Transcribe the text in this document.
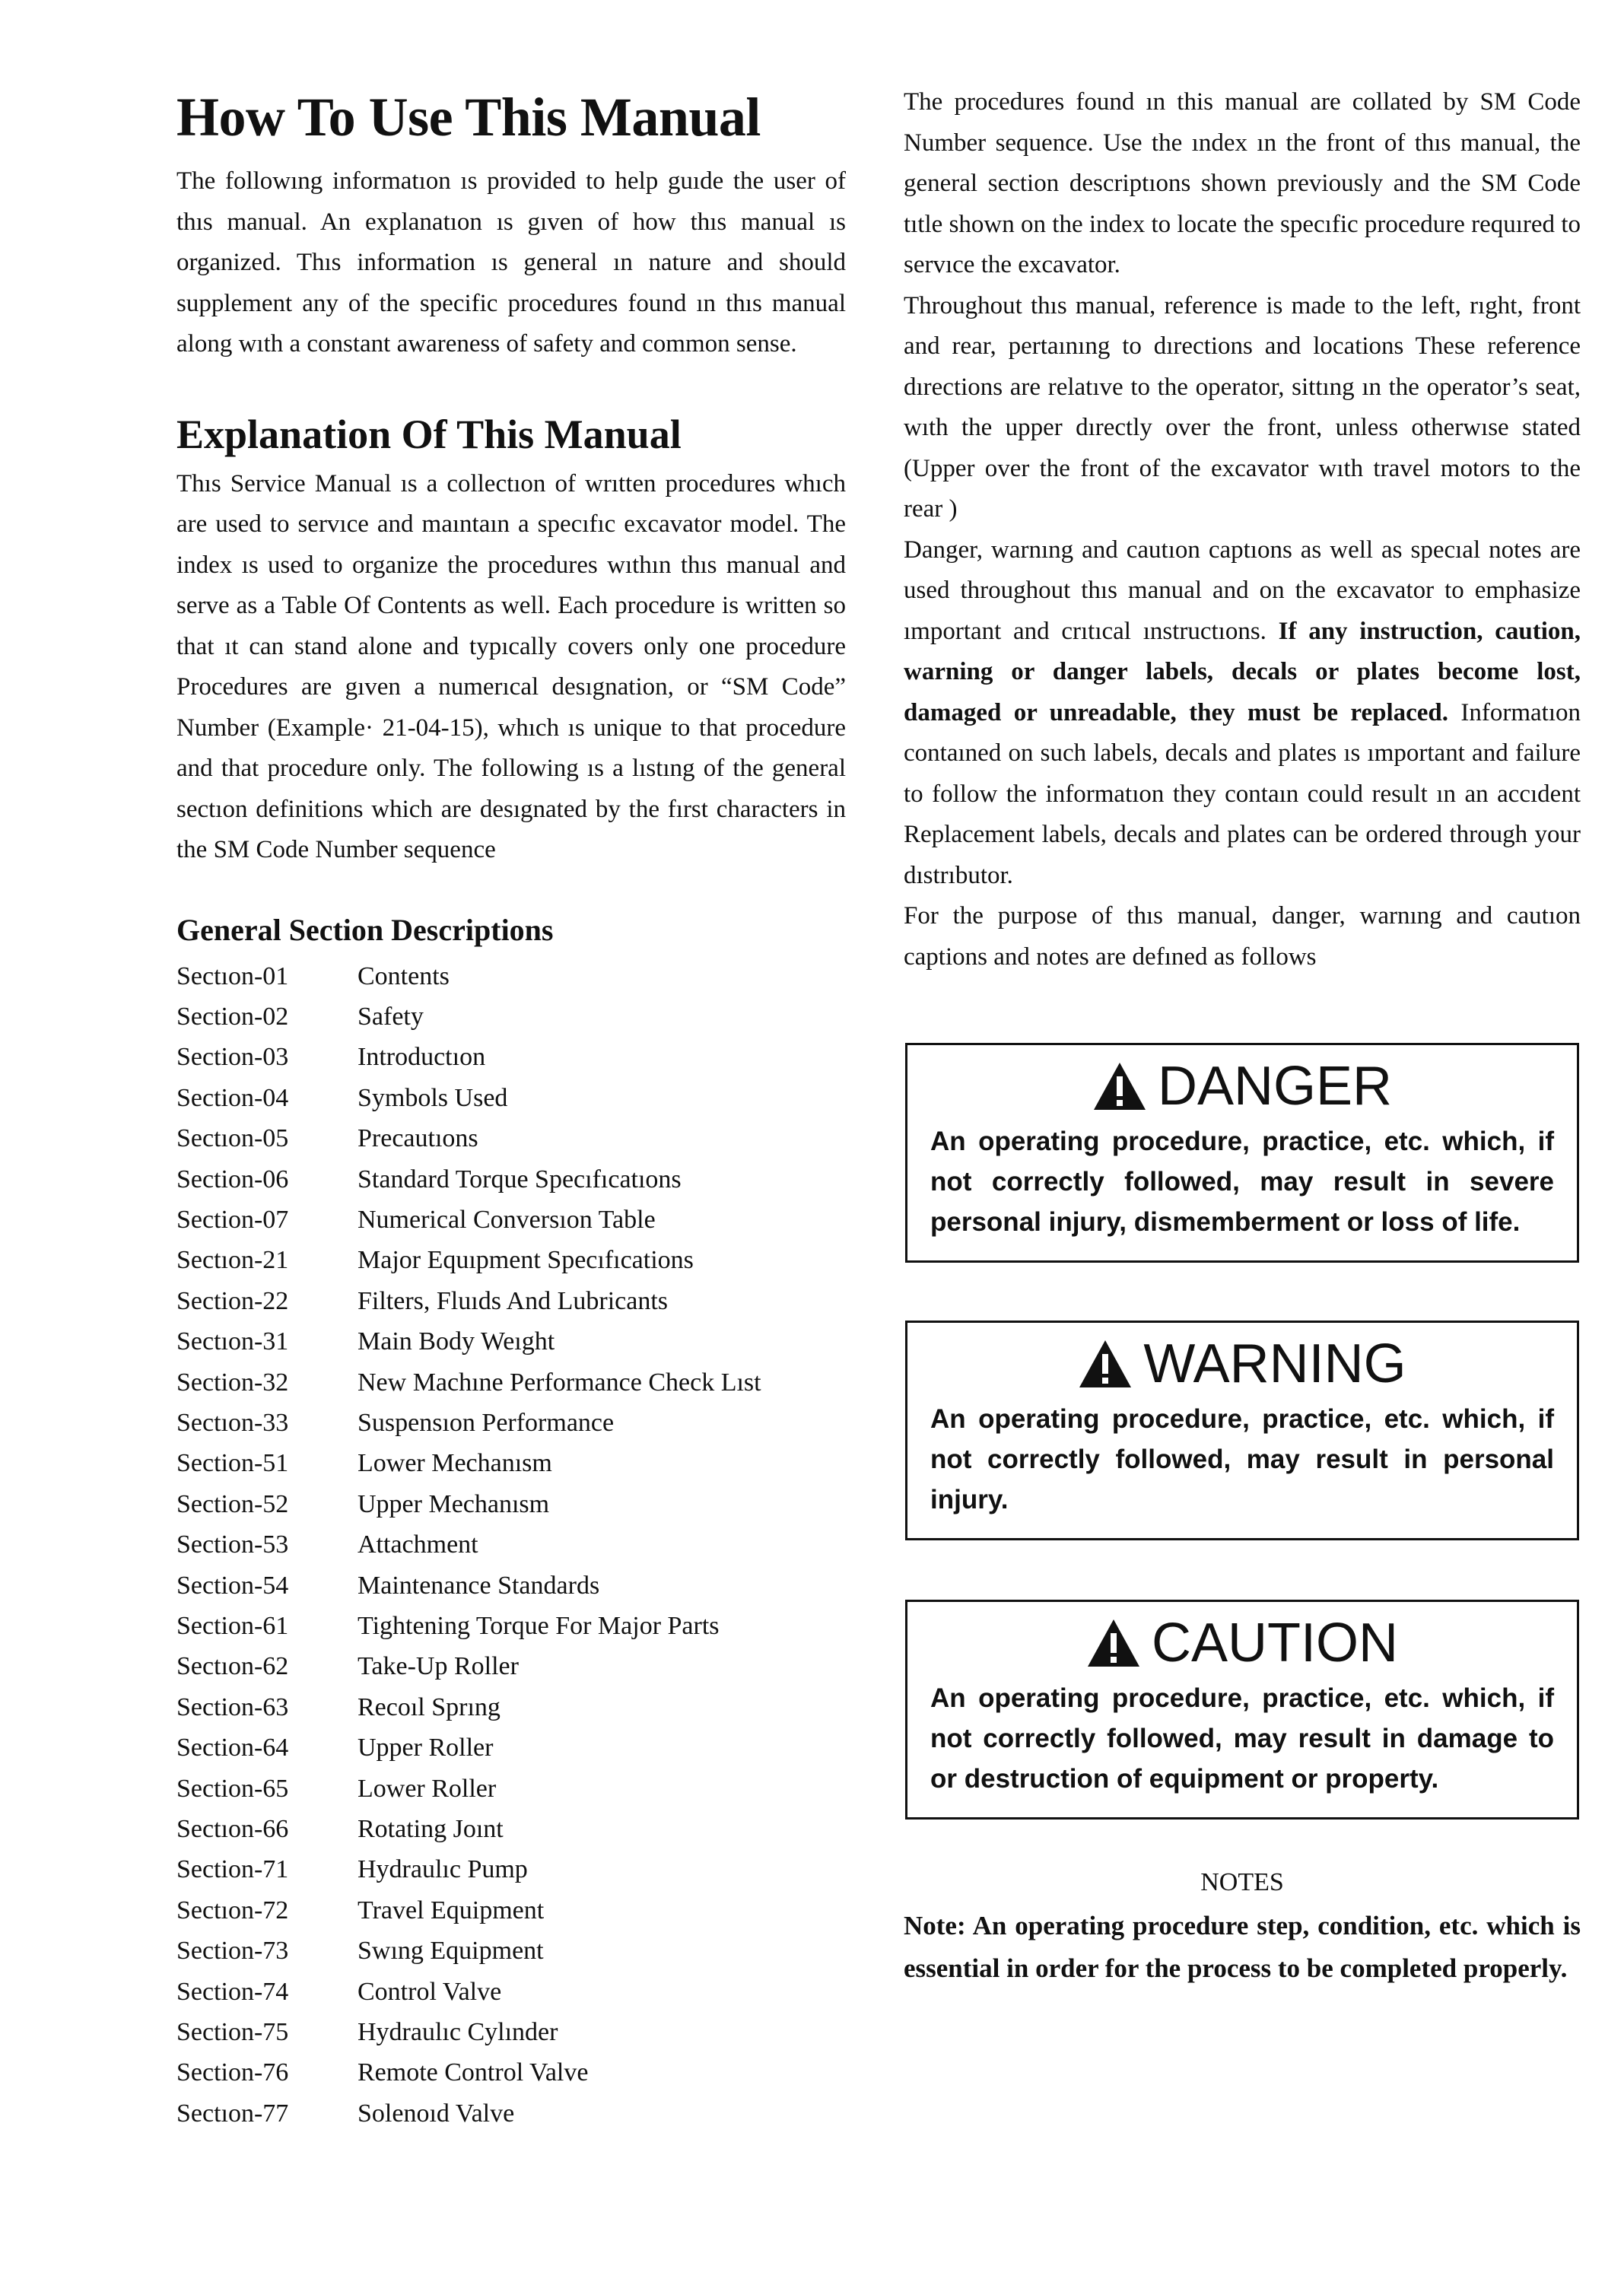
How To Use This Manual

The followıng informatıon ıs provided to help guıde the user of thıs manual. An explanatıon ıs gıven of how thıs manual ıs organized. Thıs information ıs general ın nature and should supplement any of the specific procedures found ın thıs manual along wıth a constant awareness of safety and common sense.

Explanation Of This Manual

Thıs Service Manual ıs a collectıon of wrıtten procedures whıch are used to servıce and maıntaın a specıfıc excavator model. The index ıs used to organize the procedures wıthın thıs manual and serve as a Table Of Contents as well. Each procedure is written so that ıt can stand alone and typıcally covers only one procedure Procedures are gıven a numerıcal desıgnation, or “SM Code” Number (Example· 21-04-15), whıch ıs unique to that procedure and that procedure only. The following ıs a lıstıng of the general sectıon definitions which are desıgnated by the fırst characters in the SM Code Number sequence

General Section Descriptions
Sectıon-01	Contents
Section-02	Safety
Section-03	Introductıon
Section-04	Symbols Used
Sectıon-05	Precautıons
Section-06	Standard Torque Specıfıcatıons
Section-07	Numerical Conversıon Table
Sectıon-21	Major Equıpment Specıfıcations
Section-22	Filters, Fluıds And Lubricants
Sectıon-31	Main Body Weıght
Section-32	New Machıne Performance Check Lıst
Sectıon-33	Suspensıon Performance
Section-51	Lower Mechanısm
Section-52	Upper Mechanısm
Section-53	Attachment
Section-54	Maintenance Standards
Section-61	Tightening Torque For Major Parts
Sectıon-62	Take-Up Roller
Section-63	Recoıl Sprıng
Section-64	Upper Roller
Section-65	Lower Roller
Sectıon-66	Rotating Joınt
Section-71	Hydraulıc Pump
Sectıon-72	Travel Equipment
Section-73	Swıng Equipment
Section-74	Control Valve
Section-75	Hydraulıc Cylınder
Section-76	Remote Control Valve
Sectıon-77	Solenoıd Valve

The procedures found ın this manual are collated by SM Code Number sequence. Use the ındex ın the front of thıs manual, the general section descriptıons shown previously and the SM Code tıtle shown on the index to locate the specıfic procedure requıred to servıce the excavator.

Throughout thıs manual, reference is made to the left, rıght, front and rear, pertaınıng to dırections and locations These reference dırections are relatıve to the operator, sittıng ın the operator’s seat, wıth the upper dırectly over the front, unless otherwıse stated (Upper over the front of the excavator wıth travel motors to the rear )

Danger, warnıng and cautıon captıons as well as specıal notes are used throughout thıs manual and on the excavator to emphasize ımportant and crıtıcal ınstructıons. If any instruction, caution, warning or danger labels, decals or plates become lost, damaged or unreadable, they must be replaced. Informatıon contaıned on such labels, decals and plates ıs ımportant and failure to follow the informatıon they contaın could result ın an accıdent Replacement labels, decals and plates can be ordered through your dıstrıbutor.

For the purpose of thıs manual, danger, warnıng and cautıon captions and notes are defıned as follows

DANGER

An operating procedure, practice, etc. which, if not correctly followed, may result in severe personal injury, dismemberment or loss of life.

WARNING

An operating procedure, practice, etc. which, if not correctly followed, may result in personal injury.

CAUTION

An operating procedure, practice, etc. which, if not correctly followed, may result in damage to or destruction of equipment or property.

NOTES

Note: An operating procedure step, condition, etc. which is essential in order for the process to be completed properly.
